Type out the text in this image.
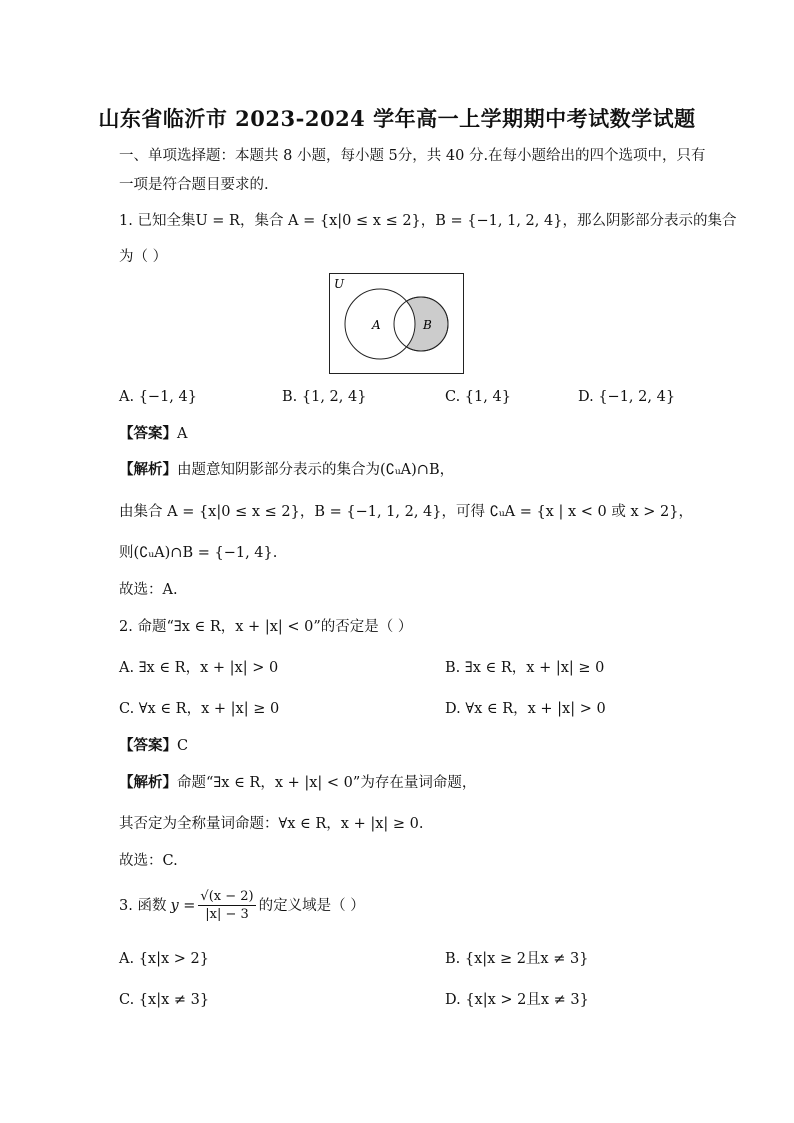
山东省临沂市 2023-2024 学年高一上学期期中考试数学试题
一、单项选择题：本题共 8 小题，每小题 5分，共 40 分.在每小题给出的四个选项中，只有
一项是符合题目要求的.
1. 已知全集U = R，集合 A = {x|0 ≤ x ≤ 2}，B = {−1, 1, 2, 4}，那么阴影部分表示的集合
为（ ）
U
A	B
A. {−1, 4}	B. {1, 2, 4}	C. {1, 4}	D. {−1, 2, 4}
【答案】A
【解析】由题意知阴影部分表示的集合为(∁ᵤA)∩B，
由集合 A = {x|0 ≤ x ≤ 2}，B = {−1, 1, 2, 4}，可得 ∁ᵤA = {x | x < 0 或 x > 2}，
则(∁ᵤA)∩B = {−1, 4}.
故选：A.
2. 命题“∃x ∈ R，x + |x| < 0”的否定是（ ）
A. ∃x ∈ R，x + |x| > 0	B. ∃x ∈ R，x + |x| ≥ 0
C. ∀x ∈ R，x + |x| ≥ 0	D. ∀x ∈ R，x + |x| > 0
【答案】C
【解析】命题“∃x ∈ R，x + |x| < 0”为存在量词命题，
其否定为全称量词命题：∀x ∈ R，x + |x| ≥ 0.
故选：C.
3. 函数 $y = \frac{√(x - 2)}{|x| - 3}$ 的定义域是（ ）
A. {x|x > 2}	B. {x|x ≥ 2且x ≠ 3}
C. {x|x ≠ 3}	D. {x|x > 2且x ≠ 3}
